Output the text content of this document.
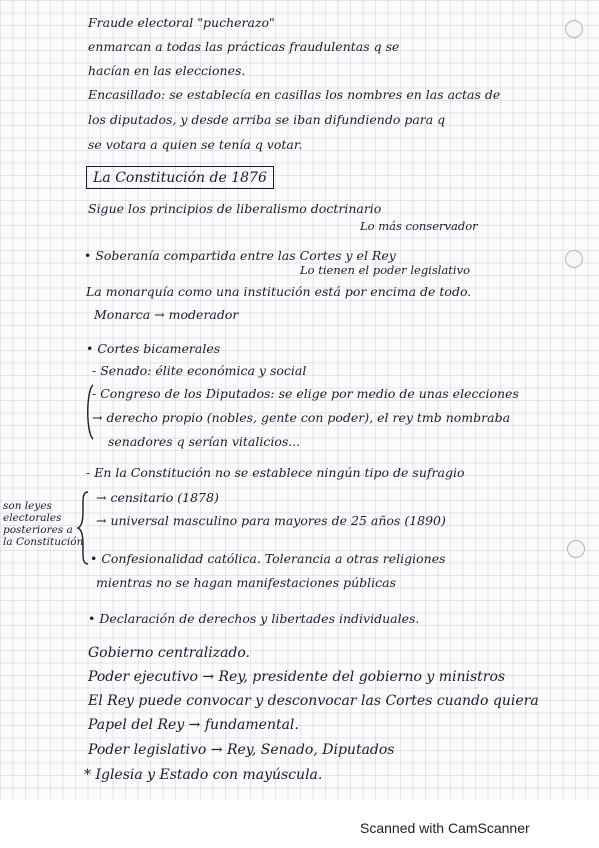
Fraude electoral "pucherazo"
enmarcan a todas las prácticas fraudulentas q se
hacían en las elecciones.
Encasillado: se establecía en casillas los nombres en las actas de
los diputados, y desde arriba se iban difundiendo para q
se votara a quien se tenía q votar.
La Constitución de 1876
Sigue los principios de liberalismo doctrinario
Lo más conservador
• Soberanía compartida entre las Cortes y el Rey
Lo tienen el poder legislativo
La monarquía como una institución está por encima de todo.
Monarca → moderador
• Cortes bicamerales
- Senado: élite económica y social
- Congreso de los Diputados: se elige por medio de unas elecciones
→ derecho propio (nobles, gente con poder), el rey tmb nombraba
senadores q serían vitalicios...
- En la Constitución no se establece ningún tipo de sufragio
→ censitario (1878)
→ universal masculino para mayores de 25 años (1890)
son leyes
electorales
posteriores a
la Constitución
• Confesionalidad católica. Tolerancia a otras religiones
mientras no se hagan manifestaciones públicas
• Declaración de derechos y libertades individuales.
Gobierno centralizado.
Poder ejecutivo → Rey, presidente del gobierno y ministros
El Rey puede convocar y desconvocar las Cortes cuando quiera
Papel del Rey → fundamental.
Poder legislativo → Rey, Senado, Diputados
* Iglesia y Estado con mayúscula.
Scanned with CamScanner
